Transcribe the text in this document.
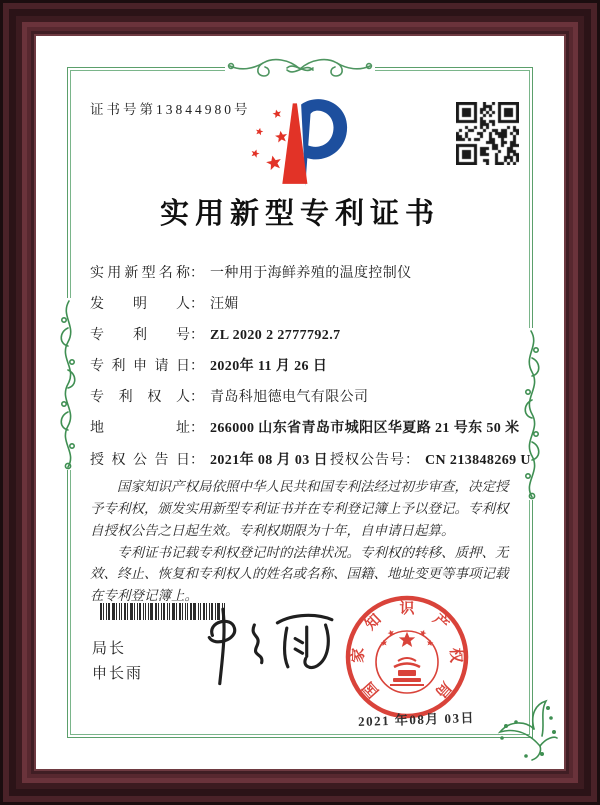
证书号第13844980号
实用新型专利证书
实用新型名称： 一种用于海鲜养殖的温度控制仪
发明人： 汪媚
专利号： ZL 2020 2 2777792.7
专利申请日： 2020年 11 月 26 日
专利权人： 青岛科旭德电气有限公司
地址： 266000 山东省青岛市城阳区华夏路 21 号东 50 米
授权公告日： 2021年 08 月 03 日 授权公告号： CN 213848269 U

国家知识产权局依照中华人民共和国专利法经过初步审查，决定授予专利权，颁发实用新型专利证书并在专利登记簿上予以登记。专利权自授权公告之日起生效。专利权期限为十年，自申请日起算。

专利证书记载专利权登记时的法律状况。专利权的转移、质押、无效、终止、恢复和专利权人的姓名或名称、国籍、地址变更等事项记载在专利登记簿上。

局长
申长雨
国
家
知
识
产
权
局
2021 年08月 03日
